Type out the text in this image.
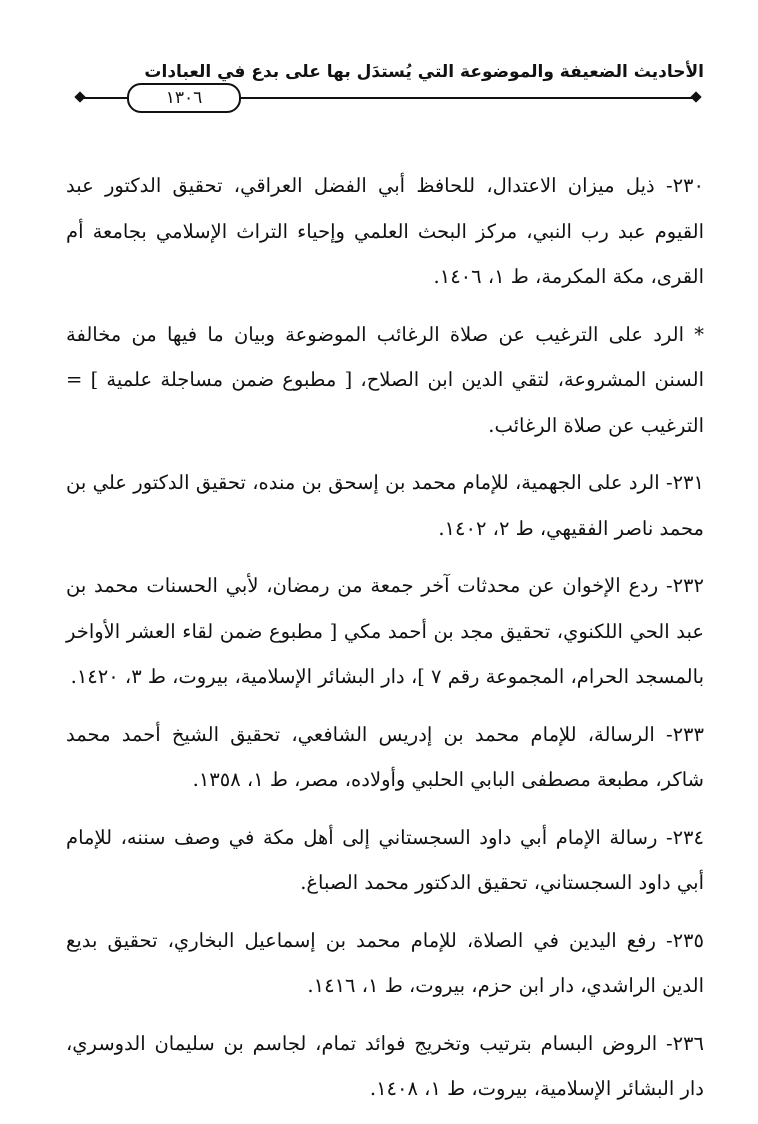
الأحاديث الضعيفة والموضوعة التي يُستدَل بها على بدع في العبادات
١٣٠٦

٢٣٠- ذيل ميزان الاعتدال، للحافظ أبي الفضل العراقي، تحقيق الدكتور عبد القيوم عبد رب النبي، مركز البحث العلمي وإحياء التراث الإسلامي بجامعة أم القرى، مكة المكرمة، ط ١، ١٤٠٦.

* الرد على الترغيب عن صلاة الرغائب الموضوعة وبيان ما فيها من مخالفة السنن المشروعة، لتقي الدين ابن الصلاح، [ مطبوع ضمن مساجلة علمية ] = الترغيب عن صلاة الرغائب.

٢٣١- الرد على الجهمية، للإمام محمد بن إسحق بن منده، تحقيق الدكتور علي بن محمد ناصر الفقيهي، ط ٢، ١٤٠٢.

٢٣٢- ردع الإخوان عن محدثات آخر جمعة من رمضان، لأبي الحسنات محمد بن عبد الحي اللكنوي، تحقيق مجد بن أحمد مكي [ مطبوع ضمن لقاء العشر الأواخر بالمسجد الحرام، المجموعة رقم ٧ ]، دار البشائر الإسلامية، بيروت، ط ٣، ١٤٢٠.

٢٣٣- الرسالة، للإمام محمد بن إدريس الشافعي، تحقيق الشيخ أحمد محمد شاكر، مطبعة مصطفى البابي الحلبي وأولاده، مصر، ط ١، ١٣٥٨.

٢٣٤- رسالة الإمام أبي داود السجستاني إلى أهل مكة في وصف سننه، للإمام أبي داود السجستاني، تحقيق الدكتور محمد الصباغ.

٢٣٥- رفع اليدين في الصلاة، للإمام محمد بن إسماعيل البخاري، تحقيق بديع الدين الراشدي، دار ابن حزم، بيروت، ط ١، ١٤١٦.

٢٣٦- الروض البسام بترتيب وتخريج فوائد تمام، لجاسم بن سليمان الدوسري، دار البشائر الإسلامية، بيروت، ط ١، ١٤٠٨.
